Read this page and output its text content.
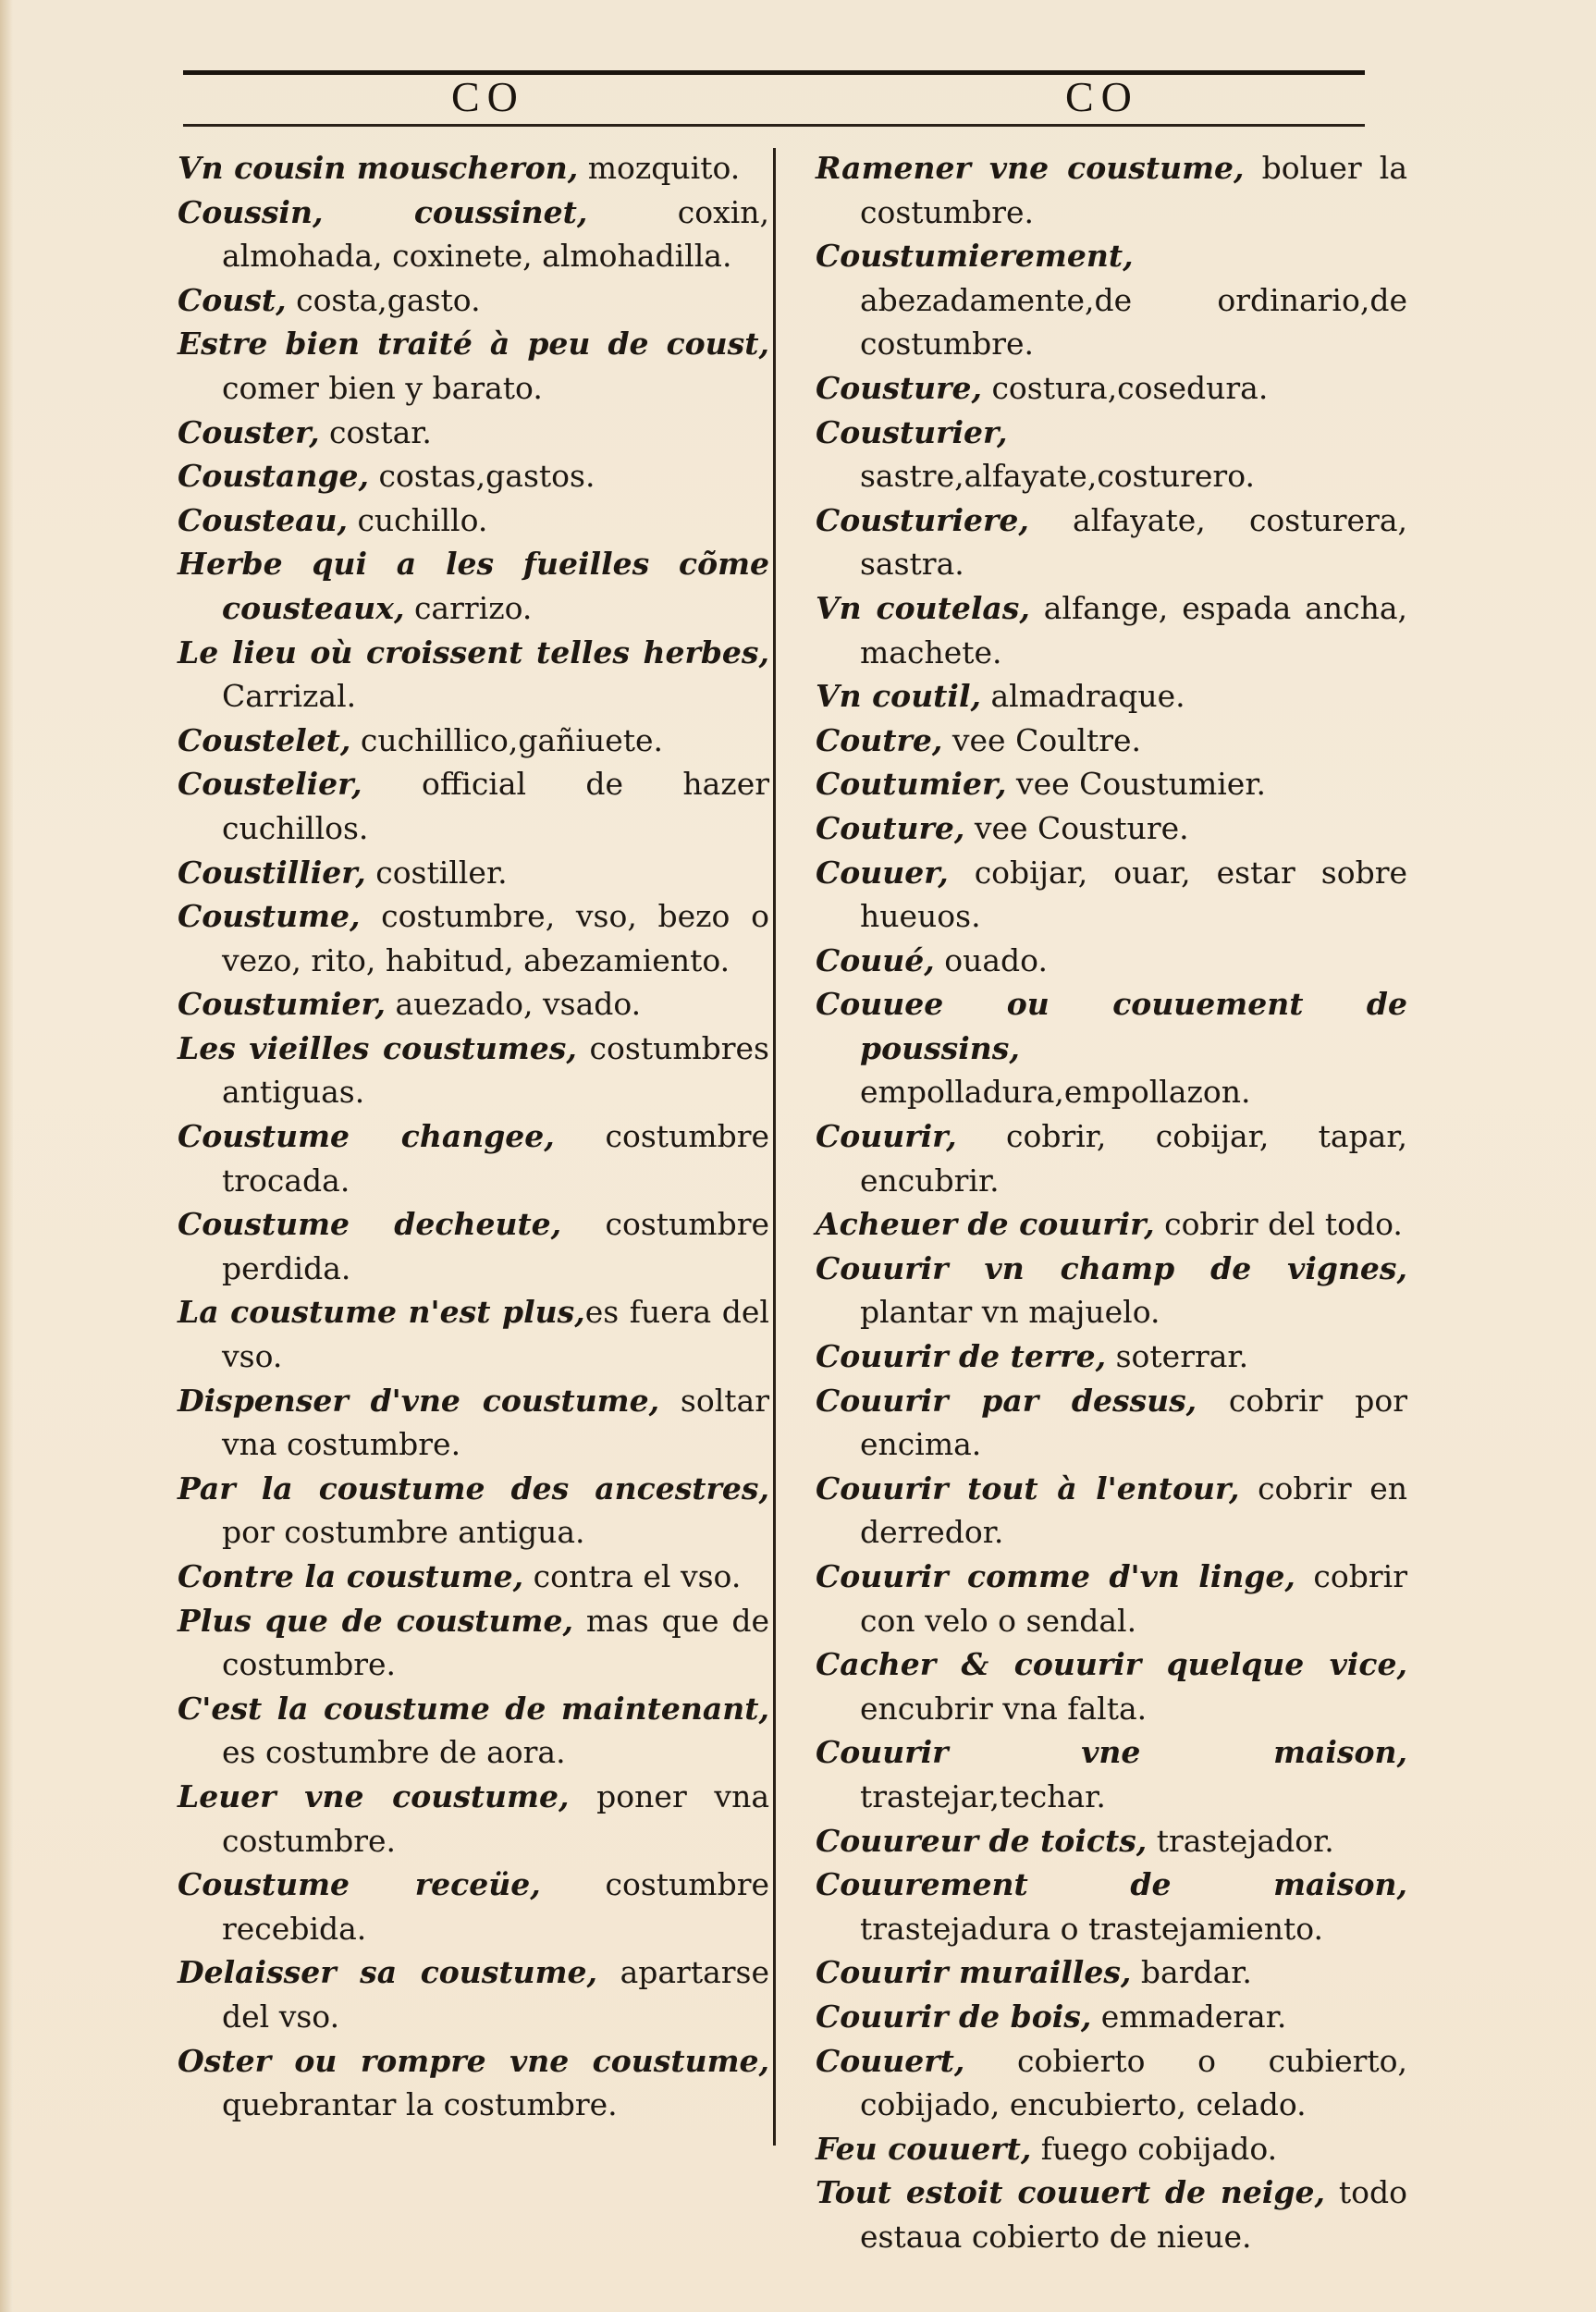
CO	CO
Vn cousin mouscheron, mozquito.
Coussin, coussinet, coxin, almohada, coxinete, almohadilla.
Coust, costa,gasto.
Estre bien traité à peu de coust, comer bien y barato.
Couster, costar.
Coustange, costas,gastos.
Cousteau, cuchillo.
Herbe qui a les fueilles cõme cousteaux, carrizo.
Le lieu où croissent telles herbes, Carrizal.
Coustelet, cuchillico,gañiuete.
Coustelier, official de hazer cuchillos.
Coustillier, costiller.
Coustume, costumbre, vso, bezo o vezo, rito, habitud, abezamiento.
Coustumier, auezado, vsado.
Les vieilles coustumes, costumbres antiguas.
Coustume changee, costumbre trocada.
Coustume decheute, costumbre perdida.
La coustume n'est plus,es fuera del vso.
Dispenser d'vne coustume, soltar vna costumbre.
Par la coustume des ancestres, por costumbre antigua.
Contre la coustume, contra el vso.
Plus que de coustume, mas que de costumbre.
C'est la coustume de maintenant, es costumbre de aora.
Leuer vne coustume, poner vna costumbre.
Coustume receüe, costumbre recebida.
Delaisser sa coustume, apartarse del vso.
Oster ou rompre vne coustume, quebrantar la costumbre.
Ramener vne coustume, boluer la costumbre.
Coustumierement, abezadamente,de ordinario,de costumbre.
Cousture, costura,cosedura.
Cousturier, sastre,alfayate,costurero.
Cousturiere, alfayate, costurera, sastra.
Vn coutelas, alfange, espada ancha, machete.
Vn coutil, almadraque.
Coutre, vee Coultre.
Coutumier, vee Coustumier.
Couture, vee Cousture.
Couuer, cobijar, ouar, estar sobre hueuos.
Couué, ouado.
Couuee ou couuement de poussins, empolladura,empollazon.
Couurir, cobrir, cobijar, tapar, encubrir.
Acheuer de couurir, cobrir del todo.
Couurir vn champ de vignes, plantar vn majuelo.
Couurir de terre, soterrar.
Couurir par dessus, cobrir por encima.
Couurir tout à l'entour, cobrir en derredor.
Couurir comme d'vn linge, cobrir con velo o sendal.
Cacher & couurir quelque vice, encubrir vna falta.
Couurir vne maison, trastejar,techar.
Couureur de toicts, trastejador.
Couurement de maison, trastejadura o trastejamiento.
Couurir murailles, bardar.
Couurir de bois, emmaderar.
Couuert, cobierto o cubierto, cobijado, encubierto, celado.
Feu couuert, fuego cobijado.
Tout estoit couuert de neige, todo estaua cobierto de nieue.
